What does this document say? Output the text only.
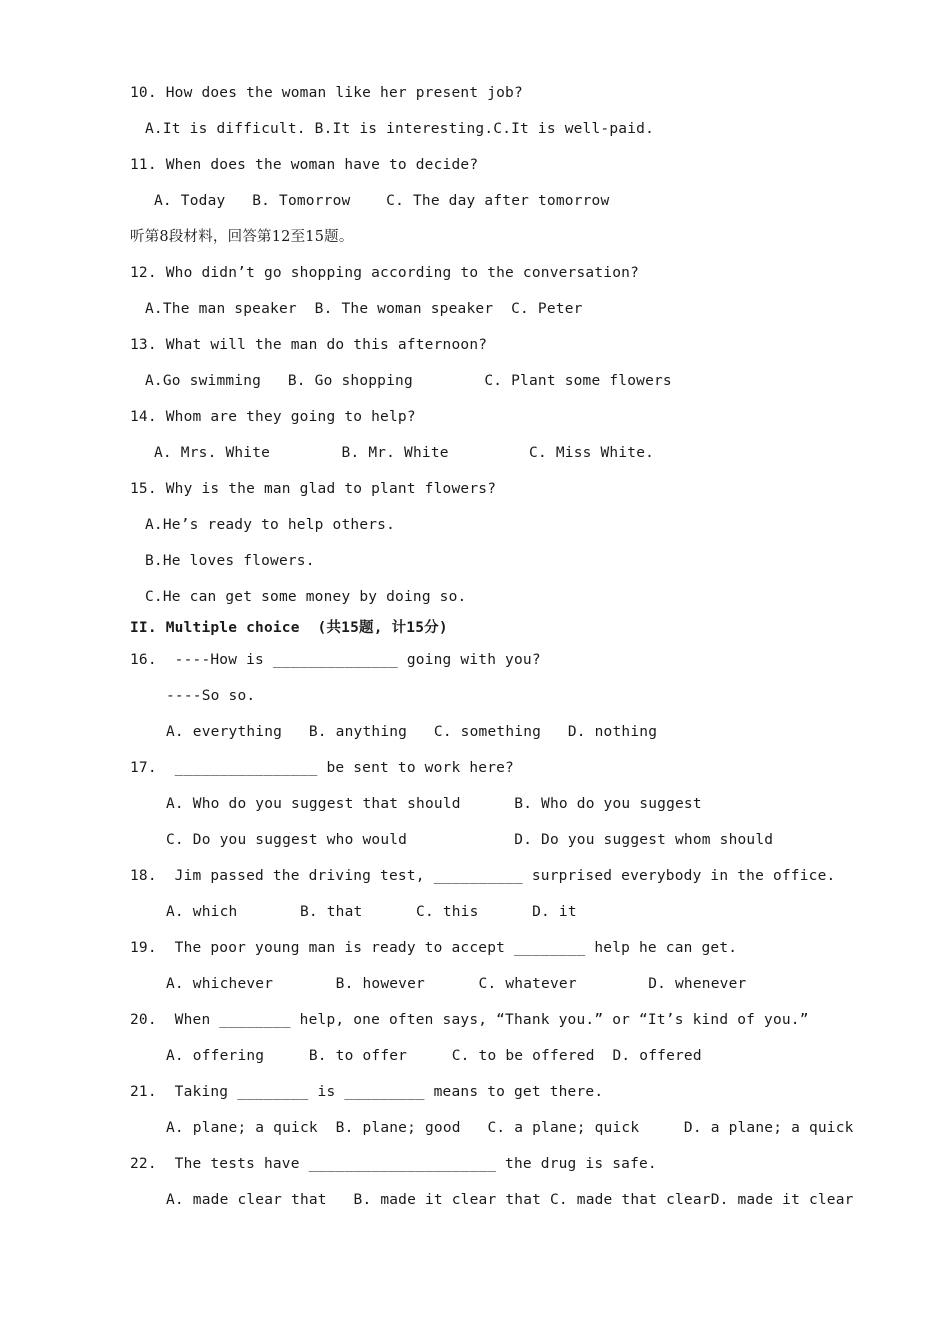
10. How does the woman like her present job?
A.It is difficult. B.It is interesting.C.It is well-paid.
11. When does the woman have to decide?
A. Today   B. Tomorrow    C. The day after tomorrow
听第8段材料，回答第12至15题。
12. Who didn’t go shopping according to the conversation?
A.The man speaker  B. The woman speaker  C. Peter
13. What will the man do this afternoon?
A.Go swimming   B. Go shopping        C. Plant some flowers
14. Whom are they going to help?
A. Mrs. White        B. Mr. White         C. Miss White.
15. Why is the man glad to plant flowers?
A.He’s ready to help others.
B.He loves flowers.
C.He can get some money by doing so.
II. Multiple choice  (共15题, 计15分)
16.  ----How is ______________ going with you?
----So so.
A. everything   B. anything   C. something   D. nothing
17.  ________________ be sent to work here?
A. Who do you suggest that should      B. Who do you suggest
C. Do you suggest who would            D. Do you suggest whom should
18.  Jim passed the driving test, __________ surprised everybody in the office.
A. which       B. that      C. this      D. it
19.  The poor young man is ready to accept ________ help he can get.
A. whichever       B. however      C. whatever        D. whenever
20.  When ________ help, one often says, “Thank you.” or “It’s kind of you.”
A. offering     B. to offer     C. to be offered  D. offered
21.  Taking ________ is _________ means to get there.
A. plane; a quick  B. plane; good   C. a plane; quick     D. a plane; a quick
22.  The tests have _____________________ the drug is safe.
A. made clear that   B. made it clear that C. made that clearD. made it clear
